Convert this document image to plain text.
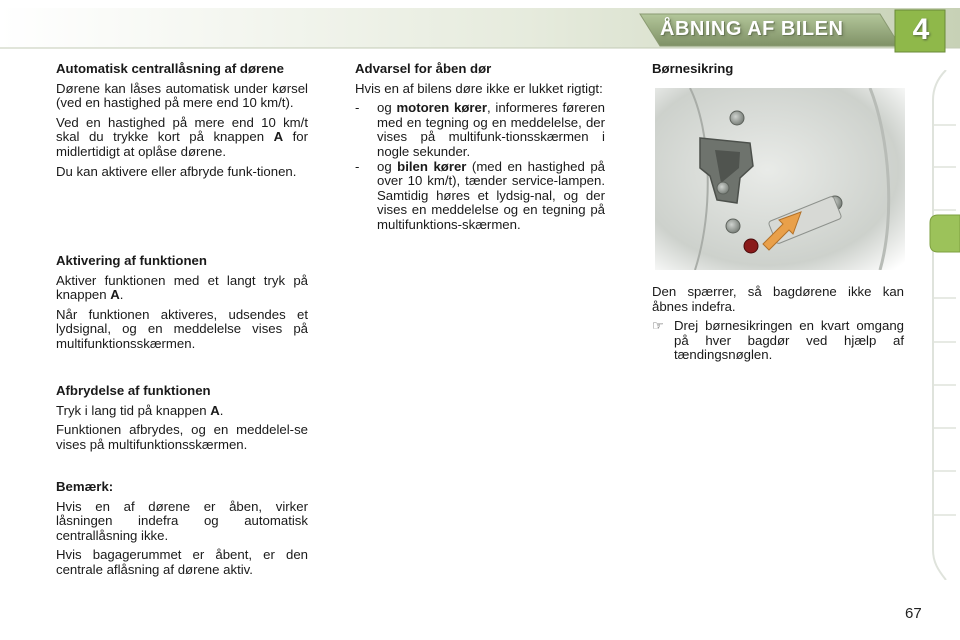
ÅBNING AF BILEN	4
Automatisk centrallåsning af dørene

Dørene kan låses automatisk under kørsel (ved en hastighed på mere end 10 km/t).

Ved en hastighed på mere end 10 km/t skal du trykke kort på knappen A for midlertidigt at oplåse dørene.

Du kan aktivere eller afbryde funk-tionen.

Aktivering af funktionen

Aktiver funktionen med et langt tryk på knappen A.

Når funktionen aktiveres, udsendes et lydsignal, og en meddelelse vises på multifunktionsskærmen.

Afbrydelse af funktionen

Tryk i lang tid på knappen A.

Funktionen afbrydes, og en meddelel-se vises på multifunktionsskærmen.

Bemærk:

Hvis en af dørene er åben, virker låsningen indefra og automatisk centrallåsning ikke.

Hvis bagagerummet er åbent, er den centrale aflåsning af dørene aktiv.

Advarsel for åben dør

Hvis en af bilens døre ikke er lukket rigtigt:

-	og motoren kører, informeres føreren med en tegning og en meddelelse, der vises på multifunk-tionsskærmen i nogle sekunder.
-	og bilen kører (med en hastighed på over 10 km/t), tænder service-lampen. Samtidig høres et lydsig-nal, og der vises en meddelelse og en tegning på multifunktions-skærmen.
Børnesikring

Den spærrer, så bagdørene ikke kan åbnes indefra.

☞ Drej børnesikringen en kvart omgang på hver bagdør ved hjælp af tændingsnøglen.
67
